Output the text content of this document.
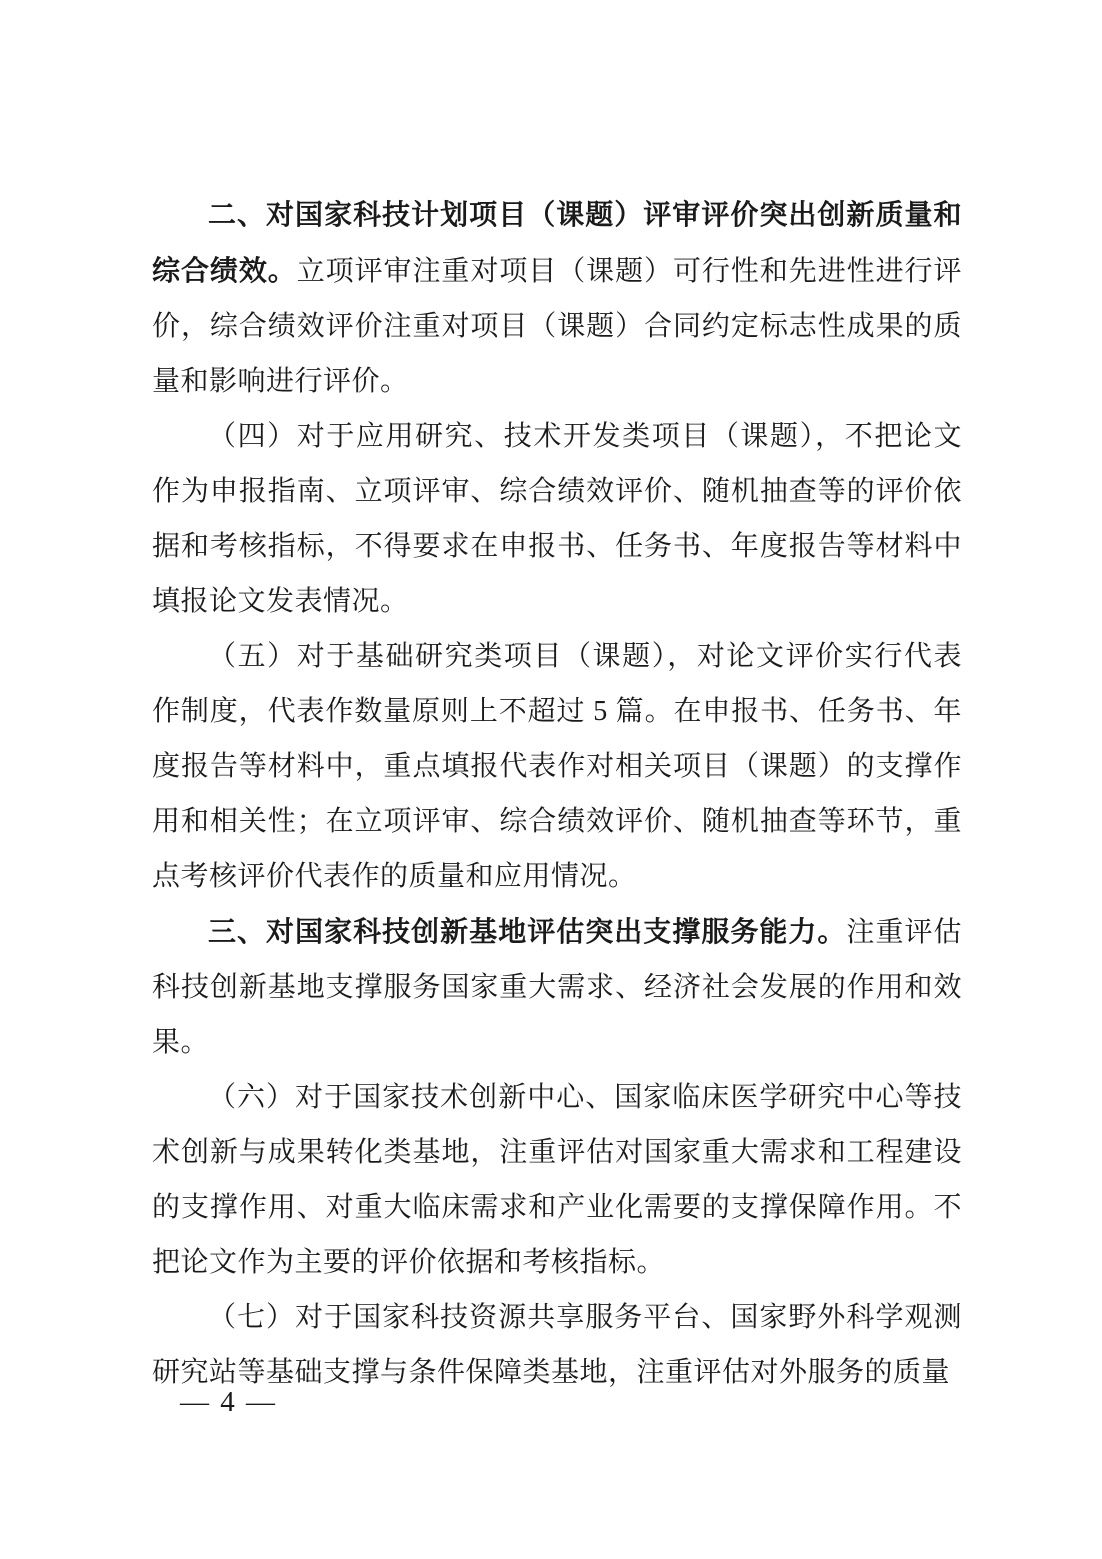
二、对国家科技计划项目（课题）评审评价突出创新质量和综合绩效。立项评审注重对项目（课题）可行性和先进性进行评价，综合绩效评价注重对项目（课题）合同约定标志性成果的质量和影响进行评价。

（四）对于应用研究、技术开发类项目（课题），不把论文作为申报指南、立项评审、综合绩效评价、随机抽查等的评价依据和考核指标，不得要求在申报书、任务书、年度报告等材料中填报论文发表情况。

（五）对于基础研究类项目（课题），对论文评价实行代表作制度，代表作数量原则上不超过 5 篇。在申报书、任务书、年度报告等材料中，重点填报代表作对相关项目（课题）的支撑作用和相关性；在立项评审、综合绩效评价、随机抽查等环节，重点考核评价代表作的质量和应用情况。

三、对国家科技创新基地评估突出支撑服务能力。注重评估科技创新基地支撑服务国家重大需求、经济社会发展的作用和效果。

（六）对于国家技术创新中心、国家临床医学研究中心等技术创新与成果转化类基地，注重评估对国家重大需求和工程建设的支撑作用、对重大临床需求和产业化需要的支撑保障作用。不把论文作为主要的评价依据和考核指标。

（七）对于国家科技资源共享服务平台、国家野外科学观测研究站等基础支撑与条件保障类基地，注重评估对外服务的质量

— 4 —
